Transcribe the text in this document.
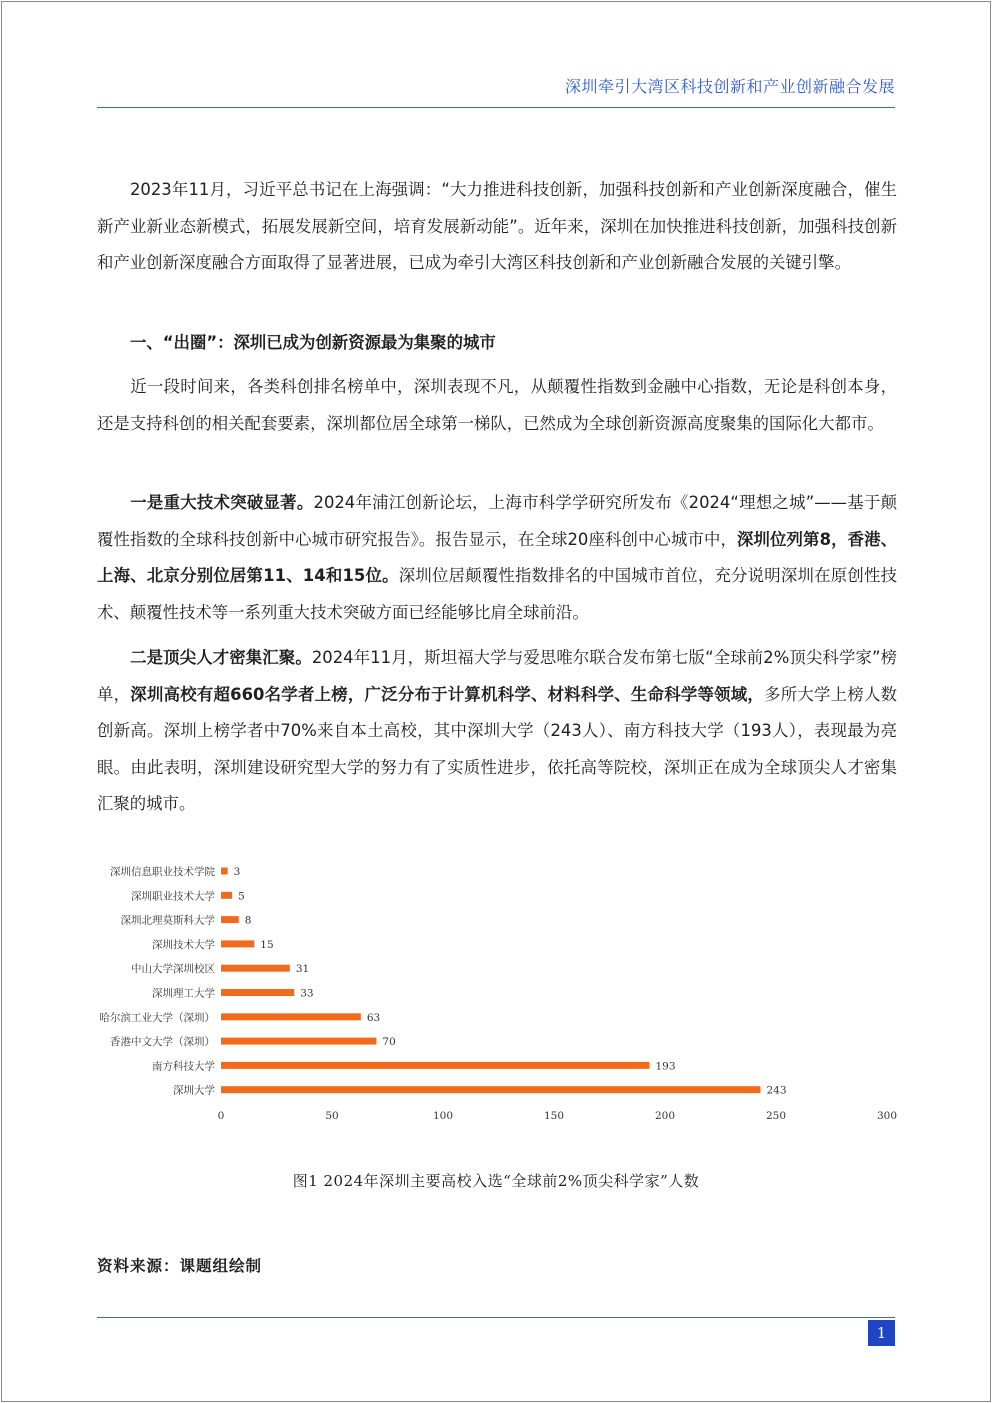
深圳牵引大湾区科技创新和产业创新融合发展

2023年11月，习近平总书记在上海强调：“大力推进科技创新，加强科技创新和产业创新深度融合，催生新产业新业态新模式，拓展发展新空间，培育发展新动能”。近年来，深圳在加快推进科技创新，加强科技创新和产业创新深度融合方面取得了显著进展，已成为牵引大湾区科技创新和产业创新融合发展的关键引擎。

一、“出圈”：深圳已成为创新资源最为集聚的城市

近一段时间来，各类科创排名榜单中，深圳表现不凡，从颠覆性指数到金融中心指数，无论是科创本身，还是支持科创的相关配套要素，深圳都位居全球第一梯队，已然成为全球创新资源高度聚集的国际化大都市。

一是重大技术突破显著。2024年浦江创新论坛，上海市科学学研究所发布《2024“理想之城”——基于颠覆性指数的全球科技创新中心城市研究报告》。报告显示，在全球20座科创中心城市中，深圳位列第8，香港、上海、北京分别位居第11、14和15位。深圳位居颠覆性指数排名的中国城市首位，充分说明深圳在原创性技术、颠覆性技术等一系列重大技术突破方面已经能够比肩全球前沿。

二是顶尖人才密集汇聚。2024年11月，斯坦福大学与爱思唯尔联合发布第七版“全球前2%顶尖科学家”榜单，深圳高校有超660名学者上榜，广泛分布于计算机科学、材料科学、生命科学等领域，多所大学上榜人数创新高。深圳上榜学者中70%来自本土高校，其中深圳大学（243人）、南方科技大学（193人），表现最为亮眼。由此表明，深圳建设研究型大学的努力有了实质性进步，依托高等院校，深圳正在成为全球顶尖人才密集汇聚的城市。

深圳信息职业技术学院 3
深圳职业技术大学 5
深圳北理莫斯科大学	8
深圳技术大学	15
中山大学深圳校区	31
深圳理工大学	33
哈尔滨工业大学（深圳）	63
香港中文大学（深圳）	70
南方科技大学	193
深圳大学	243
0	50	100	150	200	250	300
图1 2024年深圳主要高校入选“全球前2%顶尖科学家”人数
资料来源：课题组绘制
1
